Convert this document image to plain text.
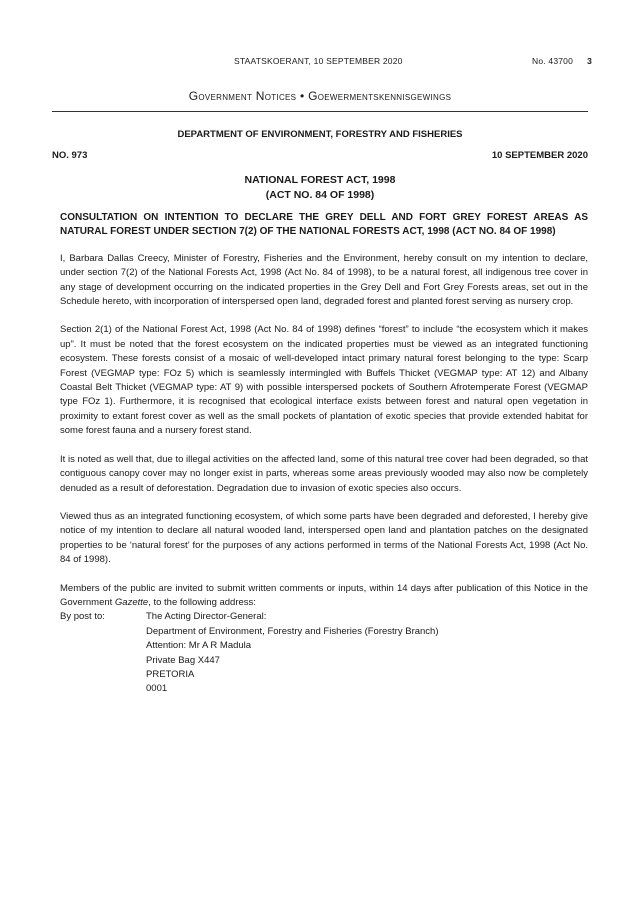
STAATSKOERANT, 10 SEPTEMBER 2020	No. 43700 3
Government Notices • Goewermentskennisgewings
DEPARTMENT OF ENVIRONMENT, FORESTRY AND FISHERIES
NO. 973	10 SEPTEMBER 2020
NATIONAL FOREST ACT, 1998
(ACT NO. 84 OF 1998)

CONSULTATION ON INTENTION TO DECLARE THE GREY DELL AND FORT GREY FOREST AREAS AS NATURAL FOREST UNDER SECTION 7(2) OF THE NATIONAL FORESTS ACT, 1998 (ACT NO. 84 OF 1998)

I, Barbara Dallas Creecy, Minister of Forestry, Fisheries and the Environment, hereby consult on my intention to declare, under section 7(2) of the National Forests Act, 1998 (Act No. 84 of 1998), to be a natural forest, all indigenous tree cover in any stage of development occurring on the indicated properties in the Grey Dell and Fort Grey Forests areas, set out in the Schedule hereto, with incorporation of interspersed open land, degraded forest and planted forest serving as nursery crop.

Section 2(1) of the National Forest Act, 1998 (Act No. 84 of 1998) defines “forest” to include “the ecosystem which it makes up”. It must be noted that the forest ecosystem on the indicated properties must be viewed as an integrated functioning ecosystem. These forests consist of a mosaic of well-developed intact primary natural forest belonging to the type: Scarp Forest (VEGMAP type: FOz 5) which is seamlessly intermingled with Buffels Thicket (VEGMAP type: AT 12) and Albany Coastal Belt Thicket (VEGMAP type: AT 9) with possible interspersed pockets of Southern Afrotemperate Forest (VEGMAP type FOz 1). Furthermore, it is recognised that ecological interface exists between forest and natural open vegetation in proximity to extant forest cover as well as the small pockets of plantation of exotic species that provide extended habitat for some forest fauna and a nursery forest stand.

It is noted as well that, due to illegal activities on the affected land, some of this natural tree cover had been degraded, so that contiguous canopy cover may no longer exist in parts, whereas some areas previously wooded may also now be completely denuded as a result of deforestation. Degradation due to invasion of exotic species also occurs.

Viewed thus as an integrated functioning ecosystem, of which some parts have been degraded and deforested, I hereby give notice of my intention to declare all natural wooded land, interspersed open land and plantation patches on the designated properties to be ‘natural forest’ for the purposes of any actions performed in terms of the National Forests Act, 1998 (Act No. 84 of 1998).

Members of the public are invited to submit written comments or inputs, within 14 days after publication of this Notice in the Government Gazette, to the following address:

By post to:	The Acting Director-General:
Department of Environment, Forestry and Fisheries (Forestry Branch)
Attention: Mr A R Madula
Private Bag X447
PRETORIA
0001
